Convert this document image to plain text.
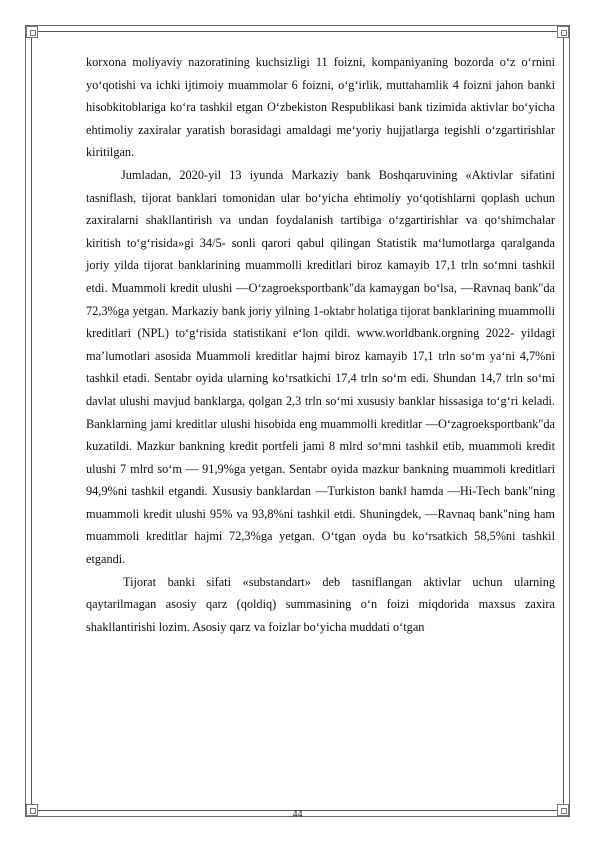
korxona moliyaviy nazoratining kuchsizligi 11 foizni, kompaniyaning bozorda o‘z o‘rnini yo‘qotishi va ichki ijtimoiy muammolar 6 foizni, o‘g‘irlik, muttahamlik 4 foizni jahon banki hisobkitoblariga ko‘ra tashkil etgan O‘zbekiston Respublikasi bank tizimida aktivlar bo‘yicha ehtimoliy zaxiralar yaratish borasidagi amaldagi me‘yoriy hujjatlarga tegishli o‘zgartirishlar kiritilgan.

Jumladan, 2020-yil 13 iyunda Markaziy bank Boshqaruvining «Aktivlar sifatini tasniflash, tijorat banklari tomonidan ular bo‘yicha ehtimoliy yo‘qotishlarni qoplash uchun zaxiralarni shakllantirish va undan foydalanish tartibiga o‘zgartirishlar va qo‘shimchalar kiritish to‘g‘risida»gi 34/5- sonli qarori qabul qilingan Statistik ma‘lumotlarga qaralganda joriy yilda tijorat banklarining muammolli kreditlari biroz kamayib 17,1 trln so‘mni tashkil etdi. Muammoli kredit ulushi ―O‘zagroeksportbank"da kamaygan bo‘lsa, ―Ravnaq bank"da 72,3%ga yetgan. Markaziy bank joriy yilning 1-oktabr holatiga tijorat banklarining muammolli kreditlari (NPL) to‘g‘risida statistikani e‘lon qildi. www.worldbank.orgning 2022- yildagi ma’lumotlari asosida Muammoli kreditlar hajmi biroz kamayib 17,1 trln so‘m ya‘ni 4,7%ni tashkil etadi. Sentabr oyida ularning ko‘rsatkichi 17,4 trln so‘m edi. Shundan 14,7 trln so‘mi davlat ulushi mavjud banklarga, qolgan 2,3 trln so‘mi xususiy banklar hissasiga to‘g‘ri keladi. Banklarning jami kreditlar ulushi hisobida eng muammolli kreditlar ―O‘zagroeksportbank"da kuzatildi. Mazkur bankning kredit portfeli jami 8 mlrd so‘mni tashkil etib, muammoli kredit ulushi 7 mlrd so‘m ― 91,9%ga yetgan. Sentabr oyida mazkur bankning muammoli kreditlari 94,9%ni tashkil etgandi. Xususiy banklardan ―Turkiston bank‖ hamda ―Hi-Tech bank"ning muammoli kredit ulushi 95% va 93,8%ni tashkil etdi. Shuningdek, ―Ravnaq bank"ning ham muammoli kreditlar hajmi 72,3%ga yetgan. O‘tgan oyda bu ko‘rsatkich 58,5%ni tashkil etgandi.

Tijorat banki sifati «substandart» deb tasniflangan aktivlar uchun ularning qaytarilmagan asosiy qarz (qoldiq) summasining o‘n foizi miqdorida maxsus zaxira shakllantirishi lozim. Asosiy qarz va foizlar bo‘yicha muddati o‘tgan

44
